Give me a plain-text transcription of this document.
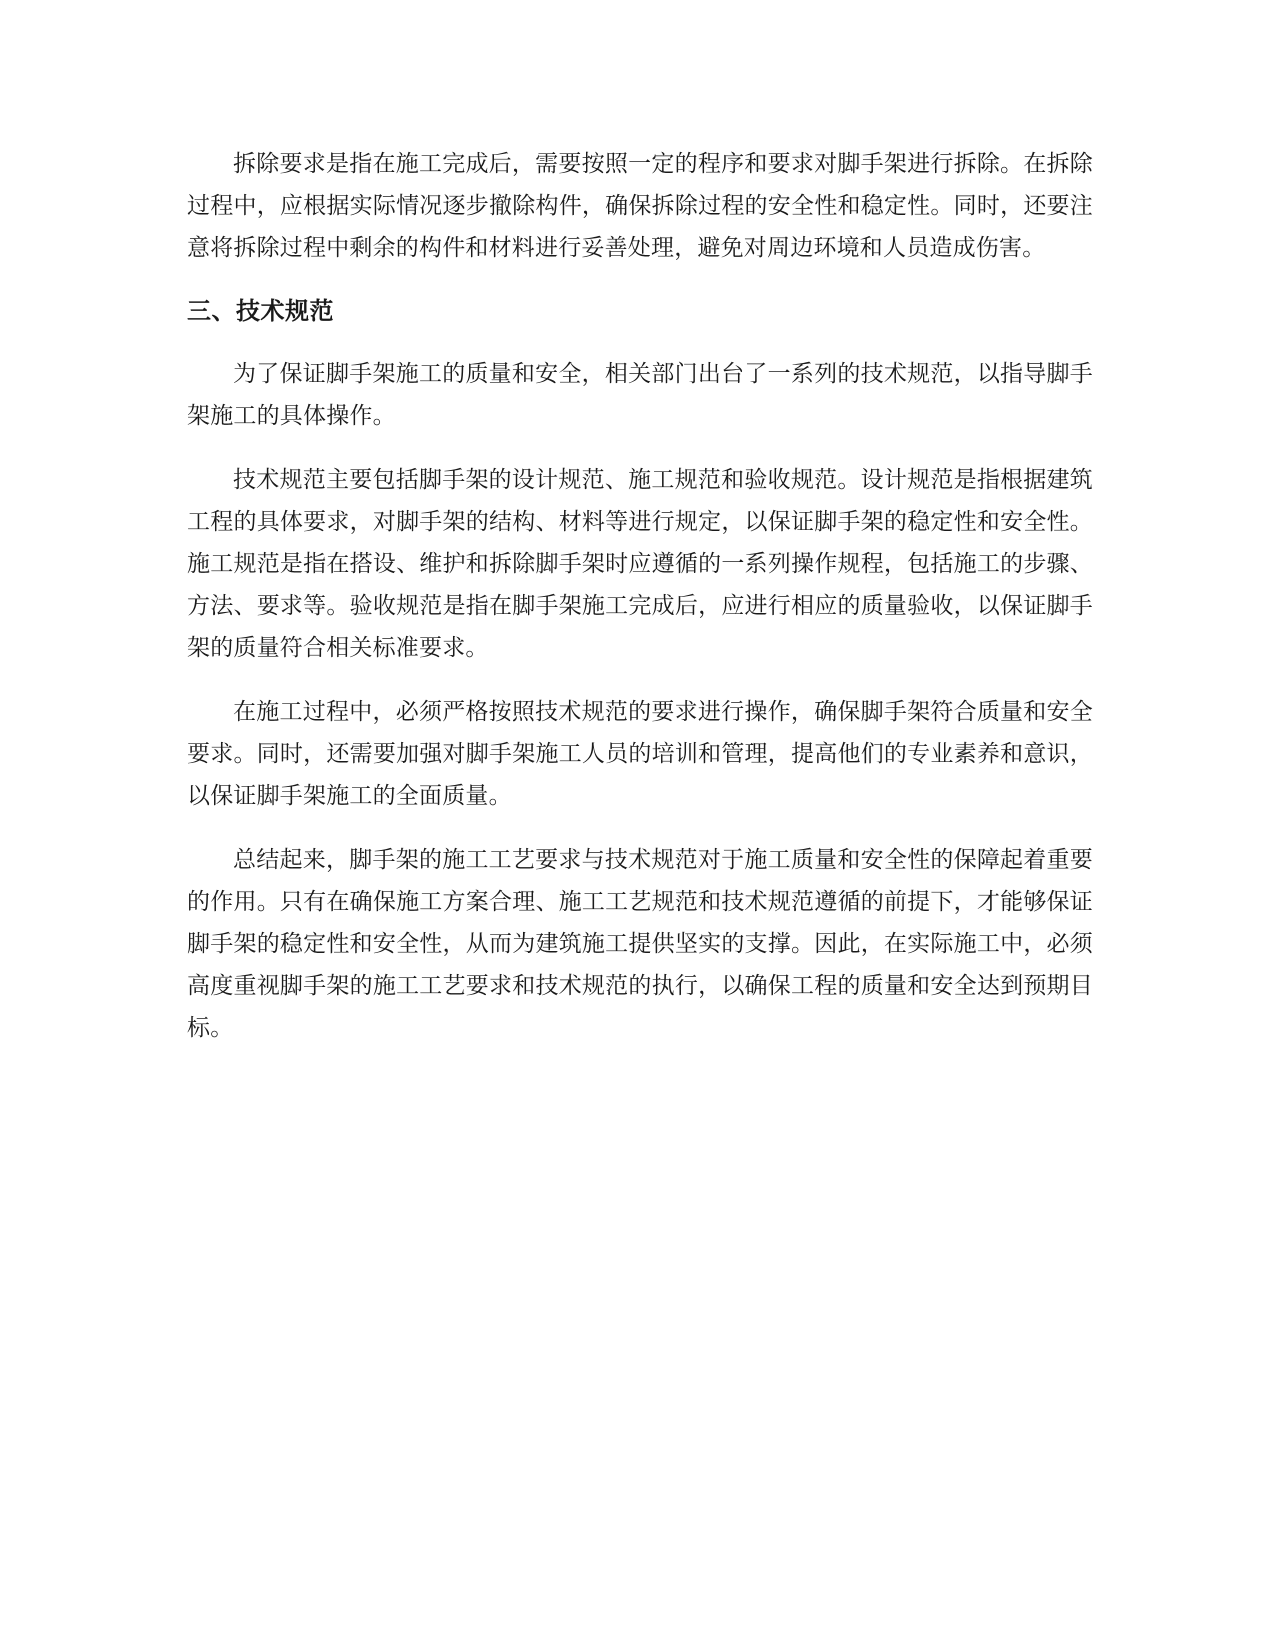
拆除要求是指在施工完成后，需要按照一定的程序和要求对脚手架进行拆除。在拆除过程中，应根据实际情况逐步撤除构件，确保拆除过程的安全性和稳定性。同时，还要注意将拆除过程中剩余的构件和材料进行妥善处理，避免对周边环境和人员造成伤害。

三、技术规范

为了保证脚手架施工的质量和安全，相关部门出台了一系列的技术规范，以指导脚手架施工的具体操作。

技术规范主要包括脚手架的设计规范、施工规范和验收规范。设计规范是指根据建筑工程的具体要求，对脚手架的结构、材料等进行规定，以保证脚手架的稳定性和安全性。施工规范是指在搭设、维护和拆除脚手架时应遵循的一系列操作规程，包括施工的步骤、方法、要求等。验收规范是指在脚手架施工完成后，应进行相应的质量验收，以保证脚手架的质量符合相关标准要求。

在施工过程中，必须严格按照技术规范的要求进行操作，确保脚手架符合质量和安全要求。同时，还需要加强对脚手架施工人员的培训和管理，提高他们的专业素养和意识，以保证脚手架施工的全面质量。

总结起来，脚手架的施工工艺要求与技术规范对于施工质量和安全性的保障起着重要的作用。只有在确保施工方案合理、施工工艺规范和技术规范遵循的前提下，才能够保证脚手架的稳定性和安全性，从而为建筑施工提供坚实的支撑。因此，在实际施工中，必须高度重视脚手架的施工工艺要求和技术规范的执行，以确保工程的质量和安全达到预期目标。
